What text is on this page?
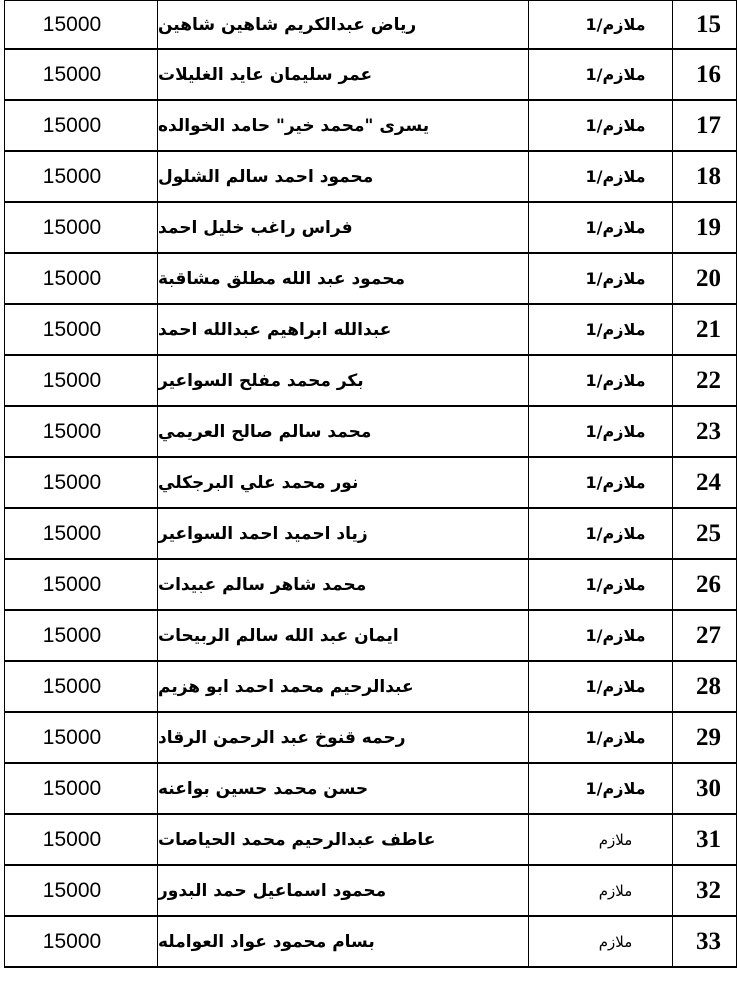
15000	رياض عبدالكريم شاهين شاهين	ملازم/1	15
15000	عمر سليمان عايد الغليلات	ملازم/1	16
15000	يسرى "محمد خير" حامد الخوالده	ملازم/1	17
15000	محمود احمد سالم الشلول	ملازم/1	18
15000	فراس راغب خليل احمد	ملازم/1	19
15000	محمود عبد الله مطلق مشاقبة	ملازم/1	20
15000	عبدالله ابراهيم عبدالله احمد	ملازم/1	21
15000	بكر محمد مفلح السواعير	ملازم/1	22
15000	محمد سالم صالح العريمي	ملازم/1	23
15000	نور محمد علي البرجكلي	ملازم/1	24
15000	زياد احميد احمد السواعير	ملازم/1	25
15000	محمد شاهر سالم عبيدات	ملازم/1	26
15000	ايمان عبد الله سالم الربيحات	ملازم/1	27
15000	عبدالرحيم محمد احمد ابو هزيم	ملازم/1	28
15000	رحمه قنوخ عبد الرحمن الرقاد	ملازم/1	29
15000	حسن محمد حسين بواعنه	ملازم/1	30
15000	عاطف عبدالرحيم محمد الحياصات	ملازم	31
15000	محمود اسماعيل حمد البدور	ملازم	32
15000	بسام محمود عواد العوامله	ملازم	33
